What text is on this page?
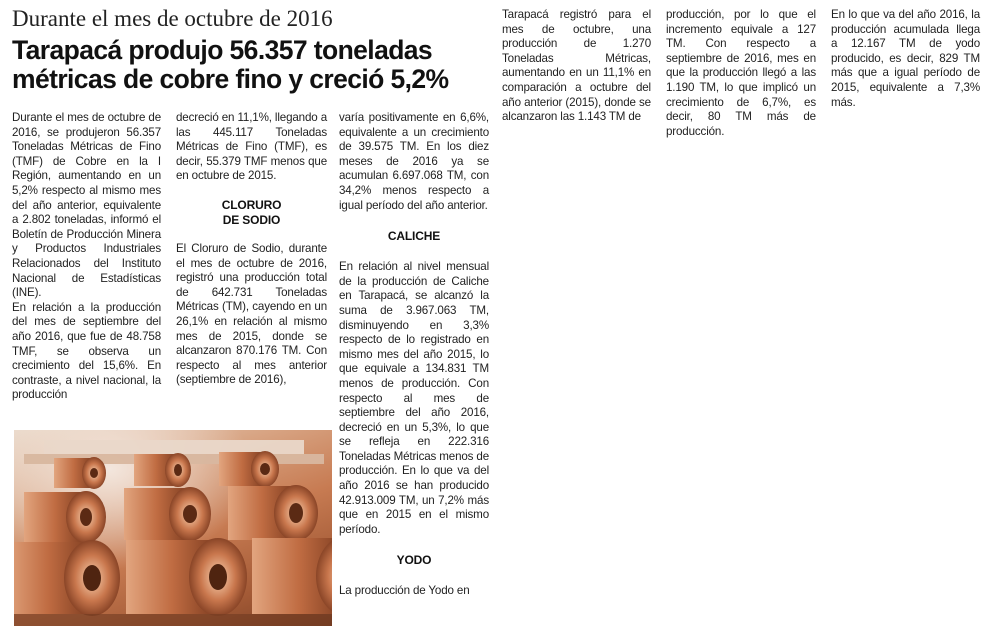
Durante el mes de octubre de 2016
Tarapacá produjo 56.357 toneladas métricas de cobre fino y creció 5,2%

Durante el mes de octubre de 2016, se produjeron 56.357 Toneladas Métricas de Fino (TMF) de Cobre en la I Región, aumentando en un 5,2% respecto al mismo mes del año anterior, equivalente a 2.802 toneladas, informó el Boletín de Producción Minera y Productos Industriales Relacionados del Instituto Nacional de Estadísticas (INE).

En relación a la producción del mes de septiembre del año 2016, que fue de 48.758 TMF, se observa un crecimiento del 15,6%. En contraste, a nivel nacional, la producción

decreció en 11,1%, llegando a las 445.117 Toneladas Métricas de Fino (TMF), es decir, 55.379 TMF menos que en octubre de 2015.

CLORURO DE SODIO

El Cloruro de Sodio, durante el mes de octubre de 2016, registró una producción total de 642.731 Toneladas Métricas (TM), cayendo en un 26,1% en relación al mismo mes de 2015, donde se alcanzaron 870.176 TM. Con respecto al mes anterior (septiembre de 2016),

varía positivamente en 6,6%, equivalente a un crecimiento de 39.575 TM. En los diez meses de 2016 ya se acumulan 6.697.068 TM, con 34,2% menos respecto a igual período del año anterior.

CALICHE

En relación al nivel mensual de la producción de Caliche en Tarapacá, se alcanzó la suma de 3.967.063 TM, disminuyendo en 3,3% respecto de lo registrado en mismo mes del año 2015, lo que equivale a 134.831 TM menos de producción. Con respecto al mes de septiembre del año 2016, decreció en un 5,3%, lo que se refleja en 222.316 Toneladas Métricas menos de producción. En lo que va del año 2016 se han producido 42.913.009 TM, un 7,2% más que en 2015 en el mismo período.

YODO

La producción de Yodo en

Tarapacá registró para el mes de octubre, una producción de 1.270 Toneladas Métricas, aumentando en un 11,1% en comparación a octubre del año anterior (2015), donde se alcanzaron las 1.143 TM de

producción, por lo que el incremento equivale a 127 TM. Con respecto a septiembre de 2016, mes en que la producción llegó a las 1.190 TM, lo que implicó un crecimiento de 6,7%, es decir, 80 TM más de producción.

En lo que va del año 2016, la producción acumulada llega a 12.167 TM de yodo producido, es decir, 829 TM más que a igual período de 2015, equivalente a 7,3% más.
